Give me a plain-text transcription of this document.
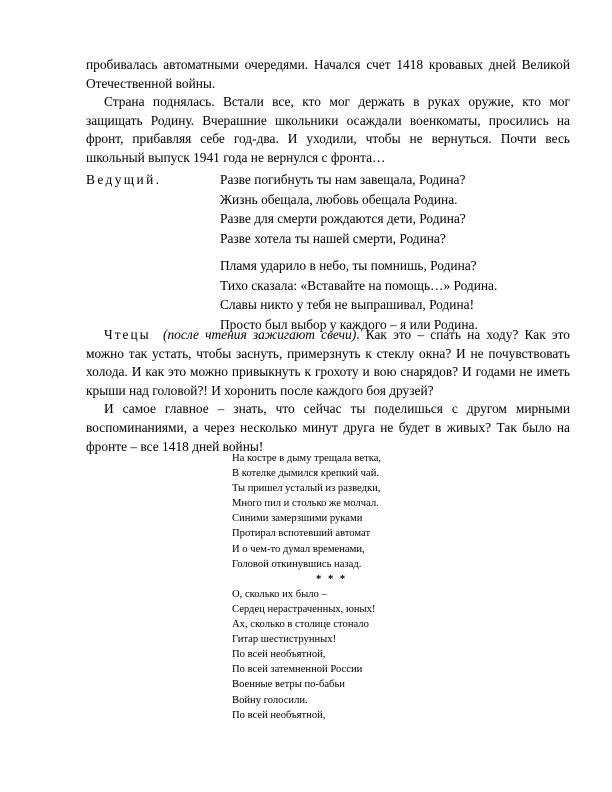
пробивалась автоматными очередями. Начался счет 1418 кровавых дней Великой Отечественной войны.

Страна поднялась. Встали все, кто мог держать в руках оружие, кто мог защищать Родину. Вчерашние школьники осаждали военкоматы, просились на фронт, прибавляя себе год-два. И уходили, чтобы не вернуться. Почти весь школьный выпуск 1941 года не вернулся с фронта…

Ведущий.	Разве погибнуть ты нам завещала, Родина?
Жизнь обещала, любовь обещала Родина.
Разве для смерти рождаются дети, Родина?
Разве хотела ты нашей смерти, Родина?
Пламя ударило в небо, ты помнишь, Родина?
Тихо сказала: «Вставайте на помощь…» Родина.
Славы никто у тебя не выпрашивал, Родина!
Просто был выбор у каждого – я или Родина.

Чтецы (после чтения зажигают свечи). Как это – спать на ходу? Как это можно так устать, чтобы заснуть, примерзнуть к стеклу окна? И не почувствовать холода. И как это можно привыкнуть к грохоту и вою снарядов? И годами не иметь крыши над головой?! И хоронить после каждого боя друзей?

И самое главное – знать, что сейчас ты поделишься с другом мирными воспоминаниями, а через несколько минут друга не будет в живых? Так было на фронте – все 1418 дней войны!

На костре в дыму трещала ветка,
В котелке дымился крепкий чай.
Ты пришел усталый из разведки,
Много пил и столько же молчал.
Синими замерзшими руками
Протирал вспотевший автомат
И о чем-то думал временами,
Головой откинувшись назад.
* * *
О, сколько их было –
Сердец нерастраченных, юных!
Ах, сколько в столице стонало
Гитар шестиструнных!
По всей необъятной,
По всей затемненной России
Военные ветры по-бабьи
Войну голосили.
По всей необъятной,
